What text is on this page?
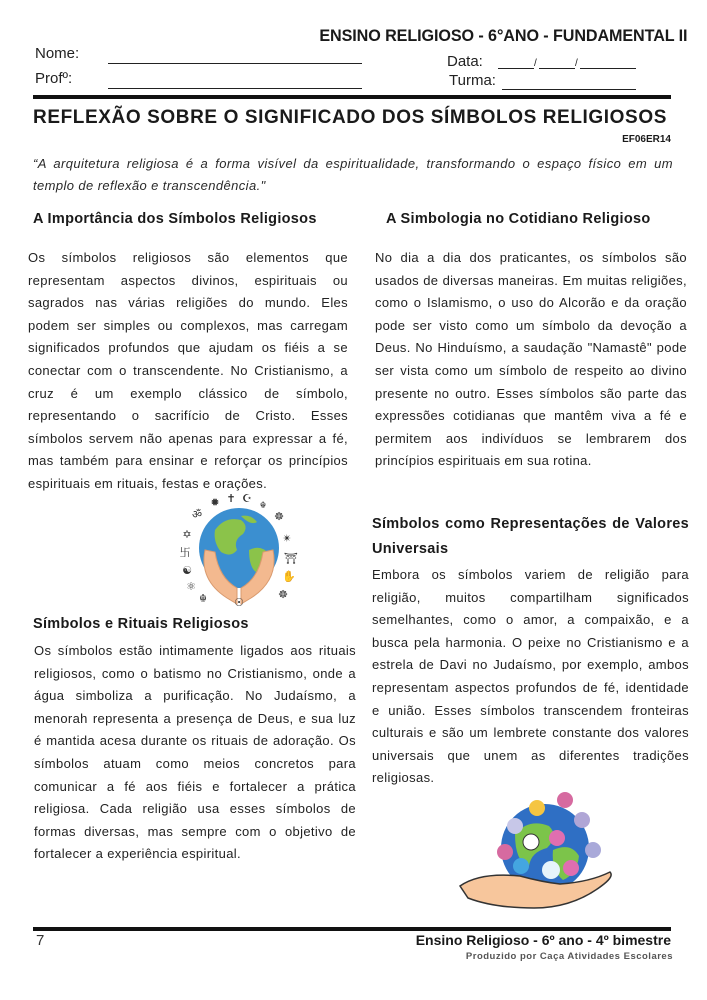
ENSINO RELIGIOSO - 6°ANO - FUNDAMENTAL II
Nome:
Profº:
Data:	/	/
Turma:
REFLEXÃO SOBRE O SIGNIFICADO DOS SÍMBOLOS RELIGIOSOS
EF06ER14
“A arquitetura religiosa é a forma visível da espiritualidade, transformando o espaço físico em um templo de reflexão e transcendência."
A Importância dos Símbolos Religiosos
Os símbolos religiosos são elementos que representam aspectos divinos, espirituais ou sagrados nas várias religiões do mundo. Eles podem ser simples ou complexos, mas carregam significados profundos que ajudam os fiéis a se conectar com o transcendente. No Cristianismo, a cruz é um exemplo clássico de símbolo, representando o sacrifício de Cristo. Esses símbolos servem não apenas para expressar a fé, mas também para ensinar e reforçar os princípios espirituais em rituais, festas e orações.
A Simbologia no Cotidiano Religioso
No dia a dia dos praticantes, os símbolos são usados de diversas maneiras. Em muitas religiões, como o Islamismo, o uso do Alcorão e da oração pode ser visto como um símbolo da devoção a Deus. No Hinduísmo, a saudação "Namastê" pode ser vista como um símbolo de respeito ao divino presente no outro. Esses símbolos são parte das expressões cotidianas que mantêm viva a fé e permitem aos indivíduos se lembrarem dos princípios espirituais em sua rotina.
Símbolos como Representações de Valores Universais
Embora os símbolos variem de religião para religião, muitos compartilham significados semelhantes, como o amor, a compaixão, e a busca pela harmonia. O peixe no Cristianismo e a estrela de Davi no Judaísmo, por exemplo, ambos representam aspectos profundos de fé, identidade e união. Esses símbolos transcendem fronteiras culturais e são um lembrete constante dos valores universais que unem as diferentes tradições religiosas.
✹ ✝ ☪
☬
ॐ	☸
✡	✴
卐	⛩
☯	✋
⚛
☸
☬ ☉
Símbolos e Rituais Religiosos
Os símbolos estão intimamente ligados aos rituais religiosos, como o batismo no Cristianismo, onde a água simboliza a purificação. No Judaísmo, a menorah representa a presença de Deus, e sua luz é mantida acesa durante os rituais de adoração. Os símbolos atuam como meios concretos para comunicar a fé aos fiéis e fortalecer a prática religiosa. Cada religião usa esses símbolos de formas diversas, mas sempre com o objetivo de fortalecer a experiência espiritual.
7	Ensino Religioso - 6º ano - 4º bimestre
Produzido por Caça Atividades Escolares
